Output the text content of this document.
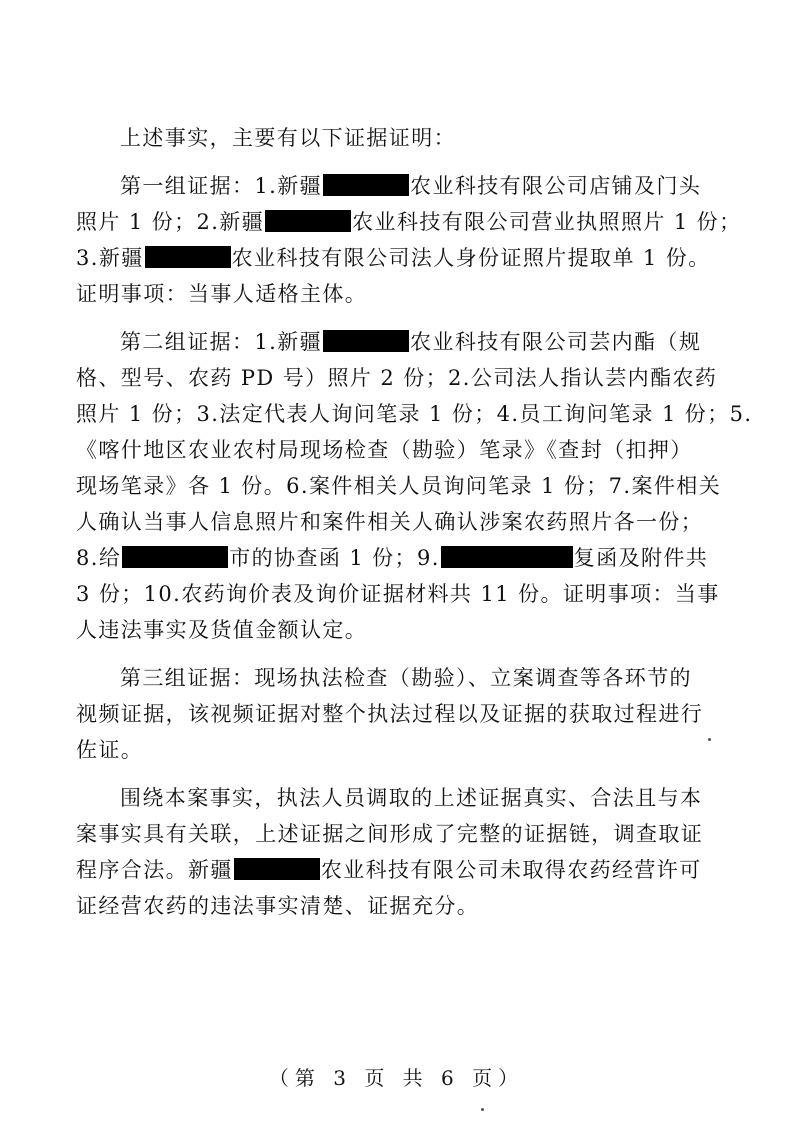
上述事实，主要有以下证据证明：
第一组证据：1.新疆	农业科技有限公司店铺及门头
照片 1 份；2.新疆	农业科技有限公司营业执照照片 1 份；
3.新疆	农业科技有限公司法人身份证照片提取单 1 份。
证明事项：当事人适格主体。
第二组证据：1.新疆	农业科技有限公司芸内酯（规
格、型号、农药 PD 号）照片 2 份；2.公司法人指认芸内酯农药
照片 1 份；3.法定代表人询问笔录 1 份；4.员工询问笔录 1 份；5.
《喀什地区农业农村局现场检查（勘验）笔录》《查封（扣押）
现场笔录》各 1 份。6.案件相关人员询问笔录 1 份；7.案件相关
人确认当事人信息照片和案件相关人确认涉案农药照片各一份；
8.给	市的协查函 1 份；9.	复函及附件共
3 份；10.农药询价表及询价证据材料共 11 份。证明事项：当事
人违法事实及货值金额认定。
第三组证据：现场执法检查（勘验）、立案调查等各环节的
视频证据，该视频证据对整个执法过程以及证据的获取过程进行
佐证。
围绕本案事实，执法人员调取的上述证据真实、合法且与本
案事实具有关联，上述证据之间形成了完整的证据链，调查取证
程序合法。新疆	农业科技有限公司未取得农药经营许可
证经营农药的违法事实清楚、证据充分。
（第 3 页 共 6 页）
